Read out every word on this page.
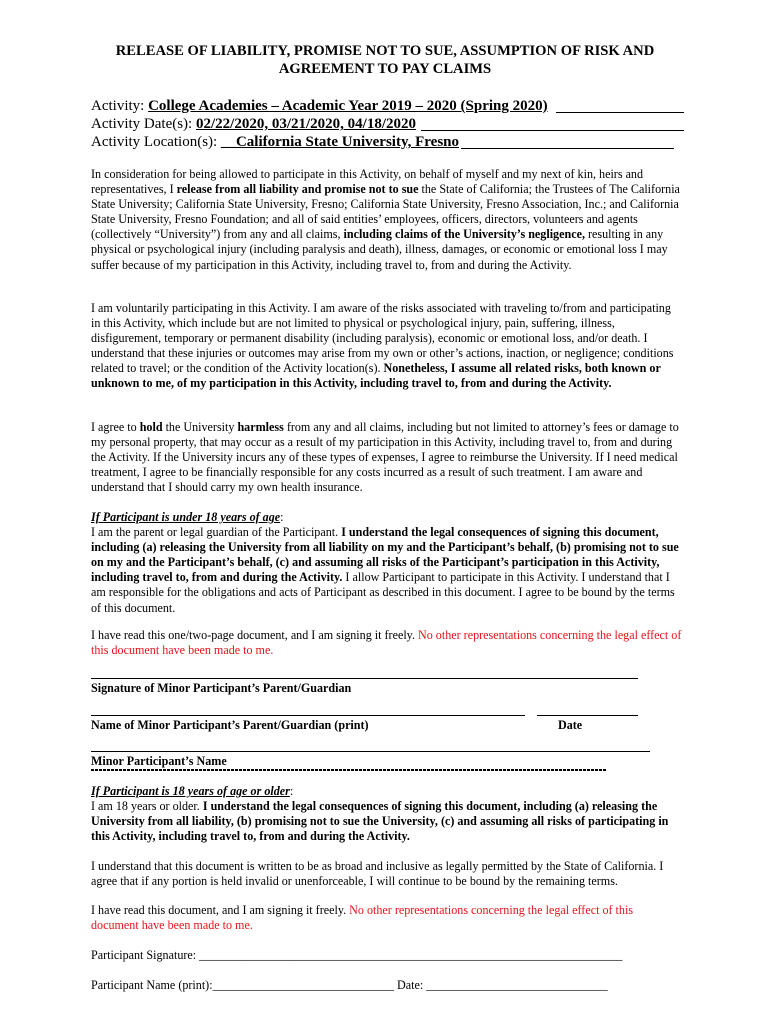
RELEASE OF LIABILITY, PROMISE NOT TO SUE, ASSUMPTION OF RISK AND
AGREEMENT TO PAY CLAIMS
Activity: College Academies – Academic Year 2019 – 2020 (Spring 2020)
Activity Date(s): 02/22/2020, 03/21/2020, 04/18/2020
Activity Location(s): __California State University, Fresno
In consideration for being allowed to participate in this Activity, on behalf of myself and my next of kin, heirs and representatives, I release from all liability and promise not to sue the State of California; the Trustees of The California State University; California State University, Fresno; California State University, Fresno Association, Inc.; and California State University, Fresno Foundation; and all of said entities’ employees, officers, directors, volunteers and agents (collectively “University”) from any and all claims, including claims of the University’s negligence, resulting in any physical or psychological injury (including paralysis and death), illness, damages, or economic or emotional loss I may suffer because of my participation in this Activity, including travel to, from and during the Activity.
I am voluntarily participating in this Activity. I am aware of the risks associated with traveling to/from and participating in this Activity, which include but are not limited to physical or psychological injury, pain, suffering, illness, disfigurement, temporary or permanent disability (including paralysis), economic or emotional loss, and/or death. I understand that these injuries or outcomes may arise from my own or other’s actions, inaction, or negligence; conditions related to travel; or the condition of the Activity location(s). Nonetheless, I assume all related risks, both known or unknown to me, of my participation in this Activity, including travel to, from and during the Activity.
I agree to hold the University harmless from any and all claims, including but not limited to attorney’s fees or damage to my personal property, that may occur as a result of my participation in this Activity, including travel to, from and during the Activity. If the University incurs any of these types of expenses, I agree to reimburse the University. If I need medical treatment, I agree to be financially responsible for any costs incurred as a result of such treatment. I am aware and understand that I should carry my own health insurance.
If Participant is under 18 years of age:
I am the parent or legal guardian of the Participant. I understand the legal consequences of signing this document, including (a) releasing the University from all liability on my and the Participant’s behalf, (b) promising not to sue on my and the Participant’s behalf, (c) and assuming all risks of the Participant’s participation in this Activity, including travel to, from and during the Activity. I allow Participant to participate in this Activity. I understand that I am responsible for the obligations and acts of Participant as described in this document. I agree to be bound by the terms of this document.
I have read this one/two-page document, and I am signing it freely. No other representations concerning the legal effect of this document have been made to me.
Signature of Minor Participant’s Parent/Guardian
Name of Minor Participant’s Parent/Guardian (print)	Date
Minor Participant’s Name
If Participant is 18 years of age or older:
I am 18 years or older. I understand the legal consequences of signing this document, including (a) releasing the University from all liability, (b) promising not to sue the University, (c) and assuming all risks of participating in this Activity, including travel to, from and during the Activity.
I understand that this document is written to be as broad and inclusive as legally permitted by the State of California. I agree that if any portion is held invalid or unenforceable, I will continue to be bound by the remaining terms.
I have read this document, and I am signing it freely. No other representations concerning the legal effect of this document have been made to me.
Participant Signature: ______________________________________________________________________
Participant Name (print):______________________________ Date: ______________________________
